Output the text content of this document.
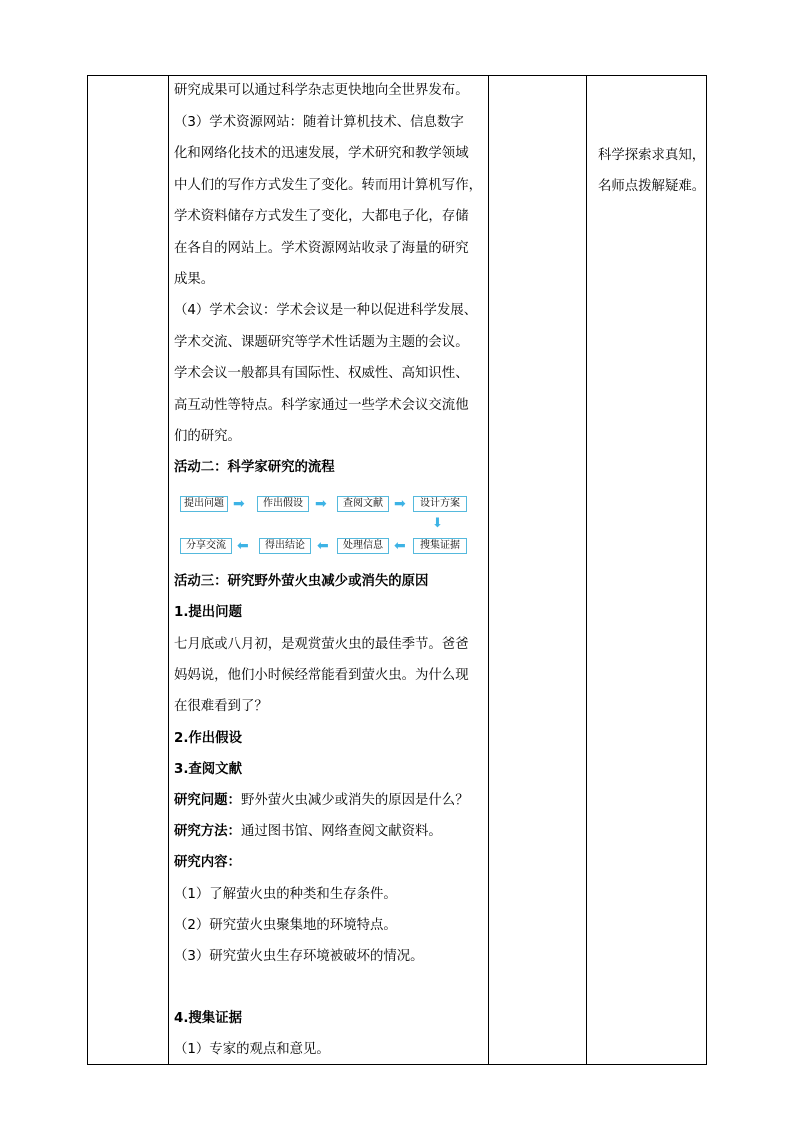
研究成果可以通过科学杂志更快地向全世界发布。
（3）学术资源网站：随着计算机技术、信息数字
化和网络化技术的迅速发展，学术研究和教学领域
中人们的写作方式发生了变化。转而用计算机写作，
学术资料储存方式发生了变化，大都电子化，存储
在各自的网站上。学术资源网站收录了海量的研究
成果。
（4）学术会议：学术会议是一种以促进科学发展、
学术交流、课题研究等学术性话题为主题的会议。
学术会议一般都具有国际性、权威性、高知识性、
高互动性等特点。科学家通过一些学术会议交流他
们的研究。
活动二：科学家研究的流程
活动三：研究野外萤火虫减少或消失的原因
1.提出问题
七月底或八月初，是观赏萤火虫的最佳季节。爸爸
妈妈说，他们小时候经常能看到萤火虫。为什么现
在很难看到了？
2.作出假设
3.查阅文献
研究问题：野外萤火虫减少或消失的原因是什么？
研究方法：通过图书馆、网络查阅文献资料。
研究内容：
（1）了解萤火虫的种类和生存条件。
（2）研究萤火虫聚集地的环境特点。
（3）研究萤火虫生存环境被破坏的情况。
4.搜集证据
（1）专家的观点和意见。
科学探索求真知，
名师点拨解疑难。
提出问题 ➡	作出假设 ➡	查阅文献 ➡	设计方案
⬇
分享交流 ⬅	得出结论 ⬅	处理信息 ⬅	搜集证据
